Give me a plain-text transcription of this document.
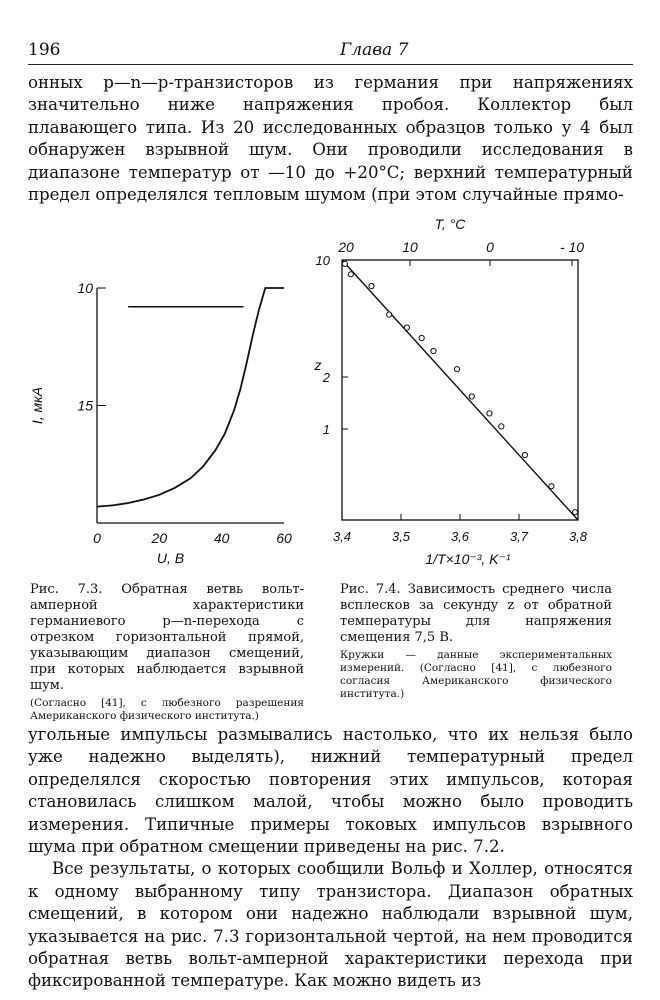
196	Глава 7

онных p—n—p-транзисторов из германия при напряжениях значительно ниже напряжения пробоя. Коллектор был плавающего типа. Из 20 исследованных образцов только у 4 был обнаружен взрывной шум. Они проводили исследования в диапазоне температур от —10 до +20°С; верхний температурный предел определялся тепловым шумом (при этом случайные прямо-

0	20	40	60
10
15
U, B
I, мкА
3,4	3,5	3,6	3,7	3,8
20	10	0	- 10
10
2
1
1/T×10⁻³, K⁻¹
T, °C
z

Рис. 7.3. Обратная ветвь вольт-амперной характеристики германиевого p—n-перехода с отрезком горизонтальной прямой, указывающим диапазон смещений, при которых наблюдается взрывной шум.

(Согласно [41], с любезного разрешения Американского физического института.)

Рис. 7.4. Зависимость среднего числа всплесков за секунду z от обратной температуры для напряжения смещения 7,5 В.

Кружки — данные экспериментальных измерений. (Согласно [41], с любезного согласия Американского физического института.)

угольные импульсы размывались настолько, что их нельзя было уже надежно выделять), нижний температурный предел определялся скоростью повторения этих импульсов, которая становилась слишком малой, чтобы можно было проводить измерения. Типичные примеры токовых импульсов взрывного шума при обратном смещении приведены на рис. 7.2.

Все результаты, о которых сообщили Вольф и Холлер, относятся к одному выбранному типу транзистора. Диапазон обратных смещений, в котором они надежно наблюдали взрывной шум, указывается на рис. 7.3 горизонтальной чертой, на нем проводится обратная ветвь вольт-амперной характеристики перехода при фиксированной температуре. Как можно видеть из
